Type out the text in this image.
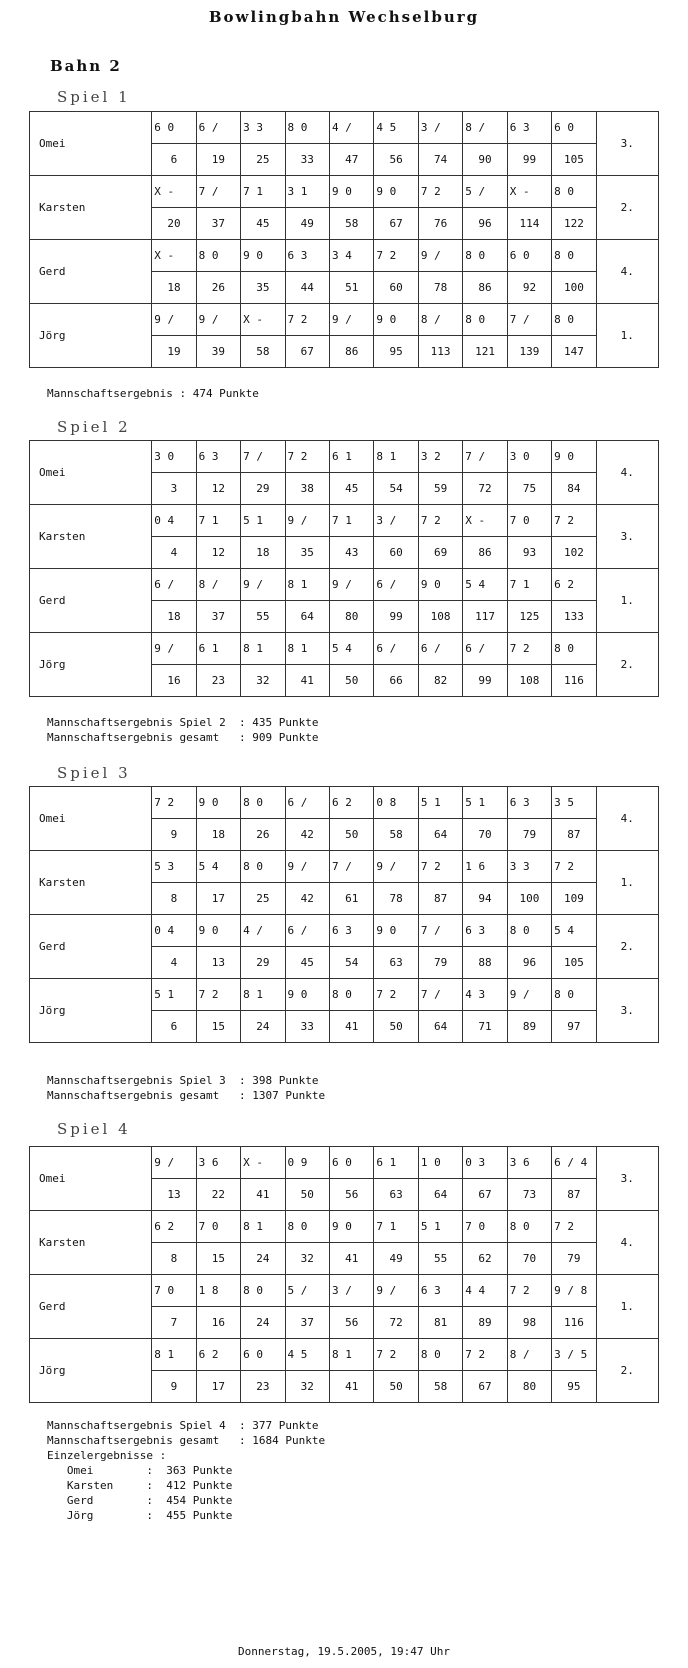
Bowlingbahn Wechselburg
Bahn 2
Spiel 1
Omei	6 0	6 /	3 3	8 0	4 /	4 5	3 /	8 /	6 3	6 0	3.
	6	19	25	33	47	56	74	90	99	105	
Karsten	X -	7 /	7 1	3 1	9 0	9 0	7 2	5 /	X -	8 0	2.
	20	37	45	49	58	67	76	96	114	122	
Gerd	X -	8 0	9 0	6 3	3 4	7 2	9 /	8 0	6 0	8 0	4.
	18	26	35	44	51	60	78	86	92	100	
Jörg	9 /	9 /	X -	7 2	9 /	9 0	8 /	8 0	7 /	8 0	1.
	19	39	58	67	86	95	113	121	139	147	
Mannschaftsergebnis : 474 Punkte
Spiel 2
Omei	3 0	6 3	7 /	7 2	6 1	8 1	3 2	7 /	3 0	9 0	4.
	3	12	29	38	45	54	59	72	75	84	
Karsten	0 4	7 1	5 1	9 /	7 1	3 /	7 2	X -	7 0	7 2	3.
	4	12	18	35	43	60	69	86	93	102	
Gerd	6 /	8 /	9 /	8 1	9 /	6 /	9 0	5 4	7 1	6 2	1.
	18	37	55	64	80	99	108	117	125	133	
Jörg	9 /	6 1	8 1	8 1	5 4	6 /	6 /	6 /	7 2	8 0	2.
	16	23	32	41	50	66	82	99	108	116	
Mannschaftsergebnis Spiel 2  : 435 Punkte
Mannschaftsergebnis gesamt   : 909 Punkte
Spiel 3
Omei	7 2	9 0	8 0	6 /	6 2	0 8	5 1	5 1	6 3	3 5	4.
	9	18	26	42	50	58	64	70	79	87	
Karsten	5 3	5 4	8 0	9 /	7 /	9 /	7 2	1 6	3 3	7 2	1.
	8	17	25	42	61	78	87	94	100	109	
Gerd	0 4	9 0	4 /	6 /	6 3	9 0	7 /	6 3	8 0	5 4	2.
	4	13	29	45	54	63	79	88	96	105	
Jörg	5 1	7 2	8 1	9 0	8 0	7 2	7 /	4 3	9 /	8 0	3.
	6	15	24	33	41	50	64	71	89	97	
Mannschaftsergebnis Spiel 3  : 398 Punkte
Mannschaftsergebnis gesamt   : 1307 Punkte
Spiel 4
Omei	9 /	3 6	X -	0 9	6 0	6 1	1 0	0 3	3 6	6 / 4	3.
	13	22	41	50	56	63	64	67	73	87	
Karsten	6 2	7 0	8 1	8 0	9 0	7 1	5 1	7 0	8 0	7 2	4.
	8	15	24	32	41	49	55	62	70	79	
Gerd	7 0	1 8	8 0	5 /	3 /	9 /	6 3	4 4	7 2	9 / 8	1.
	7	16	24	37	56	72	81	89	98	116	
Jörg	8 1	6 2	6 0	4 5	8 1	7 2	8 0	7 2	8 /	3 / 5	2.
	9	17	23	32	41	50	58	67	80	95	
Mannschaftsergebnis Spiel 4  : 377 Punkte
Mannschaftsergebnis gesamt   : 1684 Punkte
Einzelergebnisse :
Omei        :  363 Punkte
Karsten     :  412 Punkte
Gerd        :  454 Punkte
Jörg        :  455 Punkte
Donnerstag, 19.5.2005, 19:47 Uhr
